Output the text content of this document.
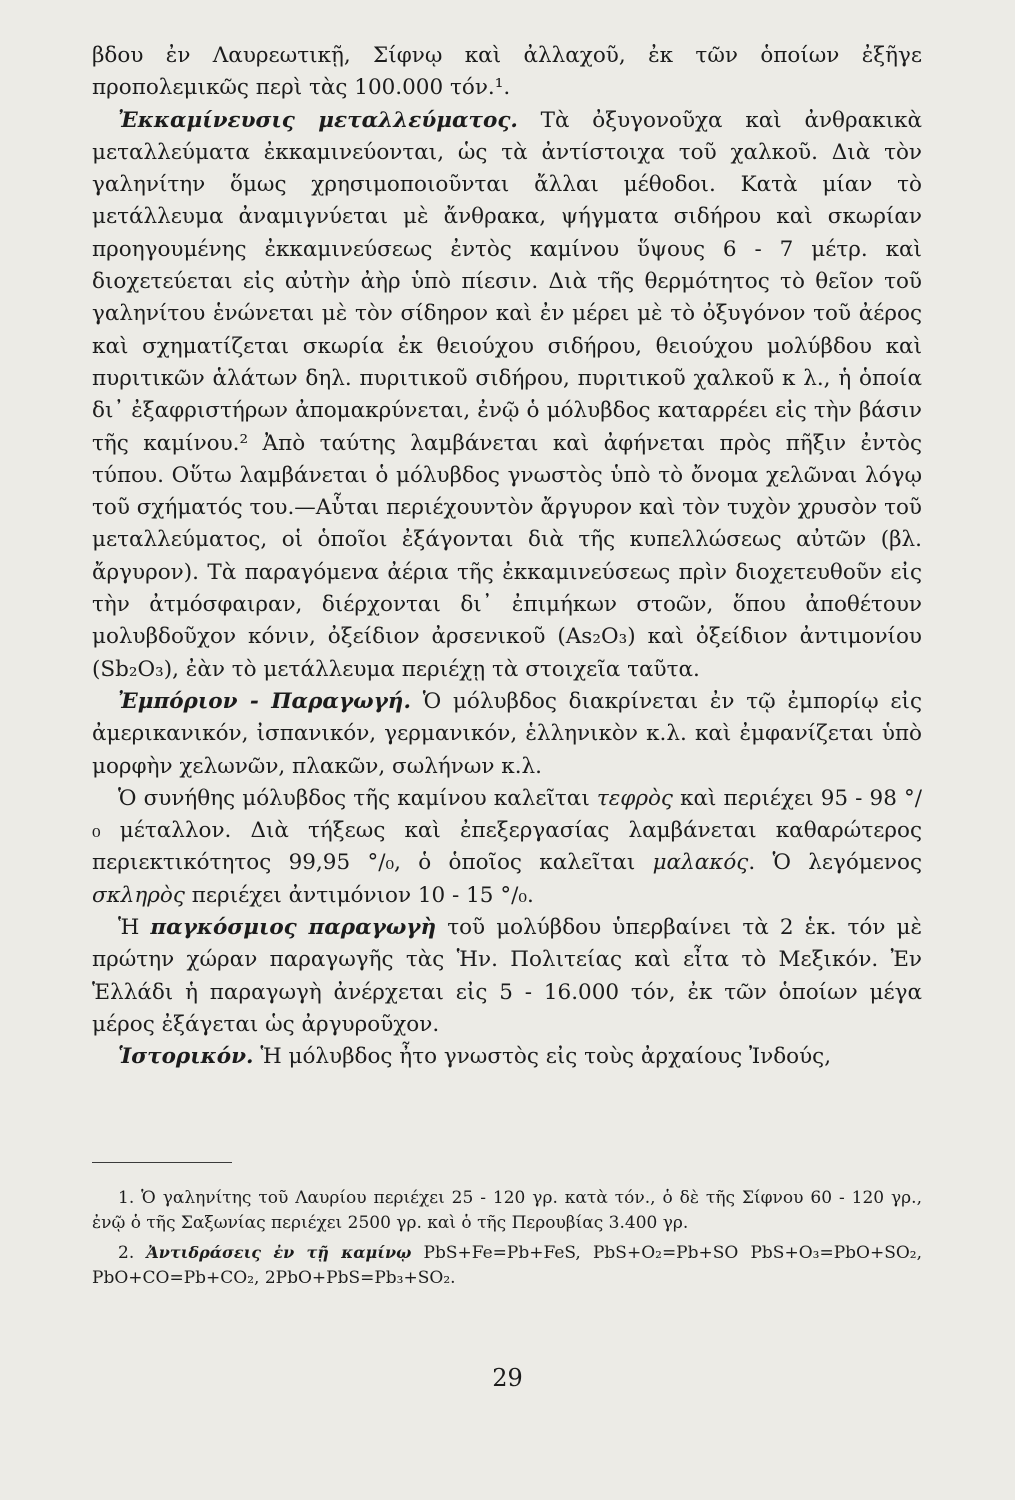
βδου ἐν Λαυρεωτικῇ, Σίφνῳ καὶ ἀλλαχοῦ, ἐκ τῶν ὁποίων ἐξῆγε προπολεμικῶς περὶ τὰς 100.000 τόν.¹.

Ἐκκαμίνευσις μεταλλεύματος. Τὰ ὀξυγονοῦχα καὶ ἀνθρακικὰ μεταλλεύματα ἐκκαμινεύονται, ὡς τὰ ἀντίστοιχα τοῦ χαλκοῦ. Διὰ τὸν γαληνίτην ὅμως χρησιμοποιοῦνται ἄλλαι μέθοδοι. Κατὰ μίαν τὸ μετάλλευμα ἀναμιγνύεται μὲ ἄνθρακα, ψήγματα σιδήρου καὶ σκωρίαν προηγουμένης ἐκκαμινεύσεως ἐντὸς καμίνου ὕψους 6 - 7 μέτρ. καὶ διοχετεύεται εἰς αὐτὴν ἀὴρ ὑπὸ πίεσιν. Διὰ τῆς θερμότητος τὸ θεῖον τοῦ γαληνίτου ἑνώνεται μὲ τὸν σίδηρον καὶ ἐν μέρει μὲ τὸ ὀξυγόνον τοῦ ἀέρος καὶ σχηματίζεται σκωρία ἐκ θειούχου σιδήρου, θειούχου μολύβδου καὶ πυριτικῶν ἁλάτων δηλ. πυριτικοῦ σιδήρου, πυριτικοῦ χαλκοῦ κ λ., ἡ ὁποία δι᾿ ἐξαφριστήρων ἀπομακρύνεται, ἐνῷ ὁ μόλυβδος καταρρέει εἰς τὴν βάσιν τῆς καμίνου.² Ἀπὸ ταύτης λαμβάνεται καὶ ἀφήνεται πρὸς πῆξιν ἐντὸς τύπου. Οὕτω λαμβάνεται ὁ μόλυβδος γνωστὸς ὑπὸ τὸ ὄνομα χελῶναι λόγῳ τοῦ σχήματός του.—Αὗται περιέχουντὸν ἄργυρον καὶ τὸν τυχὸν χρυσὸν τοῦ μεταλλεύματος, οἱ ὁποῖοι ἐξάγονται διὰ τῆς κυπελλώσεως αὐτῶν (βλ. ἄργυρον). Τὰ παραγόμενα ἀέρια τῆς ἐκκαμινεύσεως πρὶν διοχετευθοῦν εἰς τὴν ἀτμόσφαιραν, διέρχονται δι᾿ ἐπιμήκων στοῶν, ὅπου ἀποθέτουν μολυβδοῦχον κόνιν, ὀξείδιον ἀρσενικοῦ (As₂O₃) καὶ ὀξείδιον ἀντιμονίου (Sb₂O₃), ἐὰν τὸ μετάλλευμα περιέχῃ τὰ στοιχεῖα ταῦτα.

Ἐμπόριον - Παραγωγή. Ὁ μόλυβδος διακρίνεται ἐν τῷ ἐμπορίῳ εἰς ἀμερικανικόν, ἰσπανικόν, γερμανικόν, ἑλληνικὸν κ.λ. καὶ ἐμφανίζεται ὑπὸ μορφὴν χελωνῶν, πλακῶν, σωλήνων κ.λ.

Ὁ συνήθης μόλυβδος τῆς καμίνου καλεῖται τεφρὸς καὶ περιέχει 95 - 98 °/₀ μέταλλον. Διὰ τήξεως καὶ ἐπεξεργασίας λαμβάνεται καθαρώτερος περιεκτικότητος 99,95 °/₀, ὁ ὁποῖος καλεῖται μαλακός. Ὁ λεγόμενος σκληρὸς περιέχει ἀντιμόνιον 10 - 15 °/₀.

Ἡ παγκόσμιος παραγωγὴ τοῦ μολύβδου ὑπερβαίνει τὰ 2 ἑκ. τόν μὲ πρώτην χώραν παραγωγῆς τὰς Ἡν. Πολιτείας καὶ εἶτα τὸ Μεξικόν. Ἐν Ἑλλάδι ἡ παραγωγὴ ἀνέρχεται εἰς 5 - 16.000 τόν, ἐκ τῶν ὁποίων μέγα μέρος ἐξάγεται ὡς ἀργυροῦχον.

Ἱστορικόν. Ἡ μόλυβδος ἦτο γνωστὸς εἰς τοὺς ἀρχαίους Ἰνδούς,

1. Ὁ γαληνίτης τοῦ Λαυρίου περιέχει 25 - 120 γρ. κατὰ τόν., ὁ δὲ τῆς Σίφνου 60 - 120 γρ., ἐνῷ ὁ τῆς Σαξωνίας περιέχει 2500 γρ. καὶ ὁ τῆς Περουβίας 3.400 γρ.

2. Ἀντιδράσεις ἐν τῇ καμίνῳ PbS+Fe=Pb+FeS, PbS+O₂=Pb+SO PbS+O₃=PbO+SO₂, PbO+CO=Pb+CO₂, 2PbO+PbS=Pb₃+SO₂.

29
